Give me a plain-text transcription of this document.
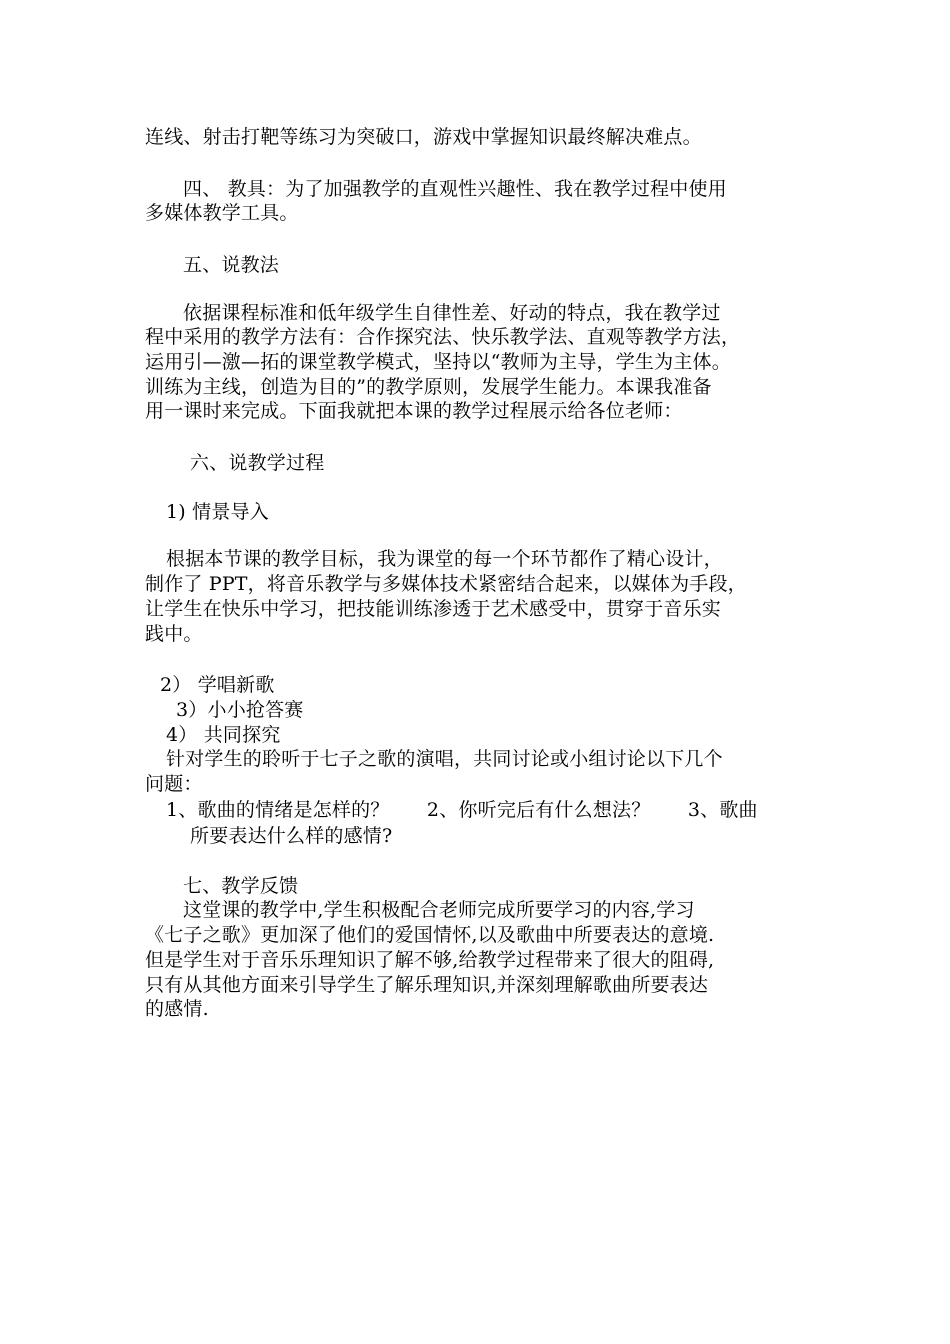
连线、射击打靶等练习为突破口，游戏中掌握知识最终解决难点。
四、 教具：为了加强教学的直观性兴趣性、我在教学过程中使用
多媒体教学工具。
五、说教法
依据课程标准和低年级学生自律性差、好动的特点，我在教学过
程中采用的教学方法有：合作探究法、快乐教学法、直观等教学方法，
运用引—激—拓的课堂教学模式，坚持以“教师为主导，学生为主体。
训练为主线，创造为目的”的教学原则，发展学生能力。本课我准备
用一课时来完成。下面我就把本课的教学过程展示给各位老师：
六、说教学过程
1) 情景导入
根据本节课的教学目标，我为课堂的每一个环节都作了精心设计，
制作了 PPT，将音乐教学与多媒体技术紧密结合起来，以媒体为手段，
让学生在快乐中学习，把技能训练渗透于艺术感受中，贯穿于音乐实
践中。
2） 学唱新歌
3）小小抢答赛
4） 共同探究
针对学生的聆听于七子之歌的演唱，共同讨论或小组讨论以下几个
问题：
1、歌曲的情绪是怎样的？      2、你听完后有什么想法？      3、歌曲
所要表达什么样的感情?
七、教学反馈
这堂课的教学中,学生积极配合老师完成所要学习的内容,学习
《七子之歌》更加深了他们的爱国情怀,以及歌曲中所要表达的意境.
但是学生对于音乐乐理知识了解不够,给教学过程带来了很大的阻碍,
只有从其他方面来引导学生了解乐理知识,并深刻理解歌曲所要表达
的感情.
